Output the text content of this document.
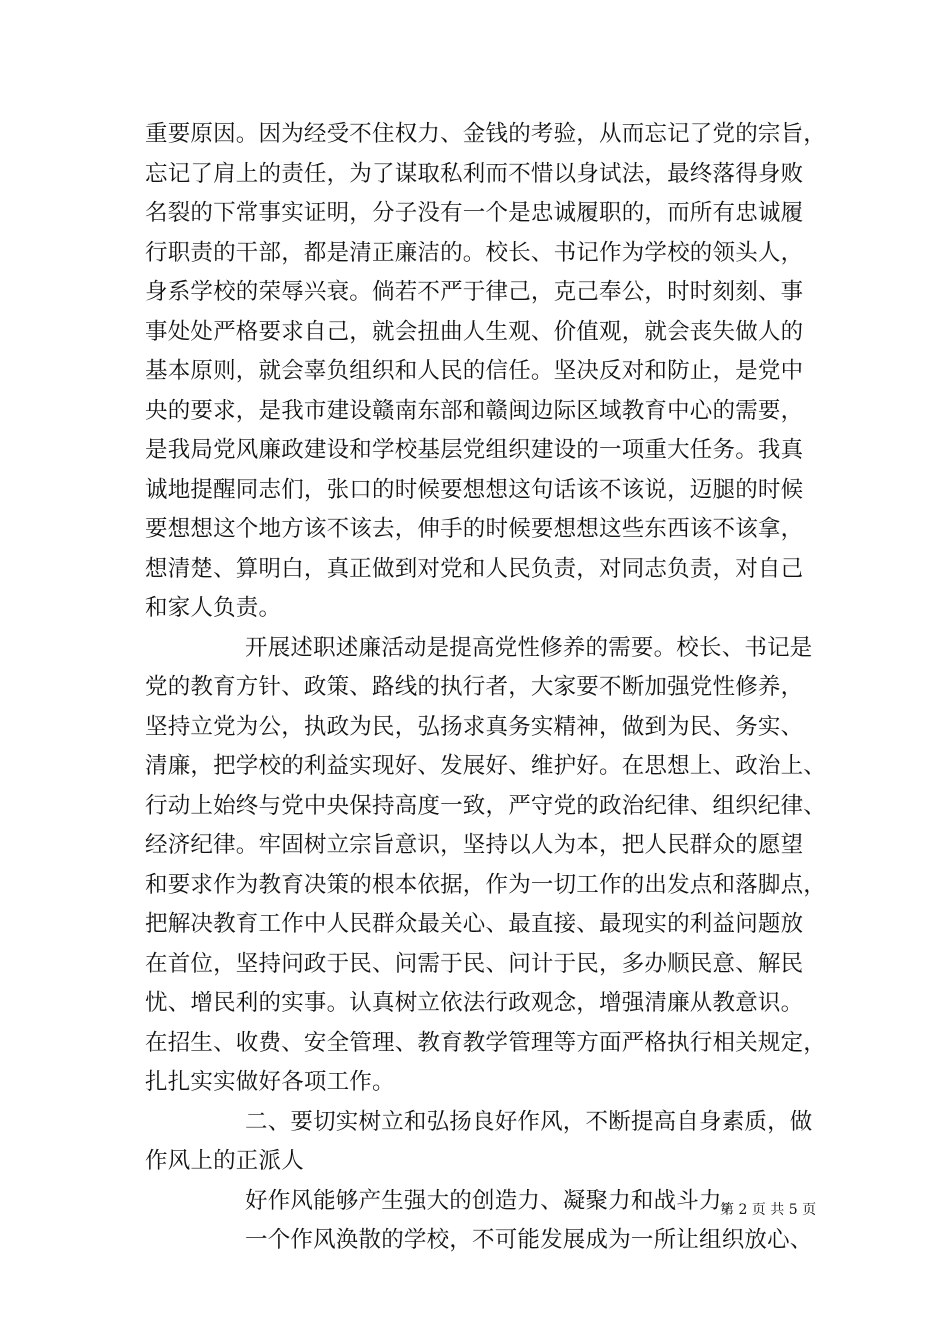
重要原因。因为经受不住权力、金钱的考验，从而忘记了党的宗旨，
忘记了肩上的责任，为了谋取私利而不惜以身试法，最终落得身败
名裂的下常事实证明，分子没有一个是忠诚履职的，而所有忠诚履
行职责的干部，都是清正廉洁的。校长、书记作为学校的领头人，
身系学校的荣辱兴衰。倘若不严于律己，克己奉公，时时刻刻、事
事处处严格要求自己，就会扭曲人生观、价值观，就会丧失做人的
基本原则，就会辜负组织和人民的信任。坚决反对和防止，是党中
央的要求，是我市建设赣南东部和赣闽边际区域教育中心的需要，
是我局党风廉政建设和学校基层党组织建设的一项重大任务。我真
诚地提醒同志们，张口的时候要想想这句话该不该说，迈腿的时候
要想想这个地方该不该去，伸手的时候要想想这些东西该不该拿，
想清楚、算明白，真正做到对党和人民负责，对同志负责，对自己
和家人负责。
开展述职述廉活动是提高党性修养的需要。校长、书记是
党的教育方针、政策、路线的执行者，大家要不断加强党性修养，
坚持立党为公，执政为民，弘扬求真务实精神，做到为民、务实、
清廉，把学校的利益实现好、发展好、维护好。在思想上、政治上、
行动上始终与党中央保持高度一致，严守党的政治纪律、组织纪律、
经济纪律。牢固树立宗旨意识，坚持以人为本，把人民群众的愿望
和要求作为教育决策的根本依据，作为一切工作的出发点和落脚点，
把解决教育工作中人民群众最关心、最直接、最现实的利益问题放
在首位，坚持问政于民、问需于民、问计于民，多办顺民意、解民
忧、增民利的实事。认真树立依法行政观念，增强清廉从教意识。
在招生、收费、安全管理、教育教学管理等方面严格执行相关规定，
扎扎实实做好各项工作。
二、要切实树立和弘扬良好作风，不断提高自身素质，做
作风上的正派人
好作风能够产生强大的创造力、凝聚力和战斗力。
一个作风涣散的学校，不可能发展成为一所让组织放心、
第 2 页 共 5 页
